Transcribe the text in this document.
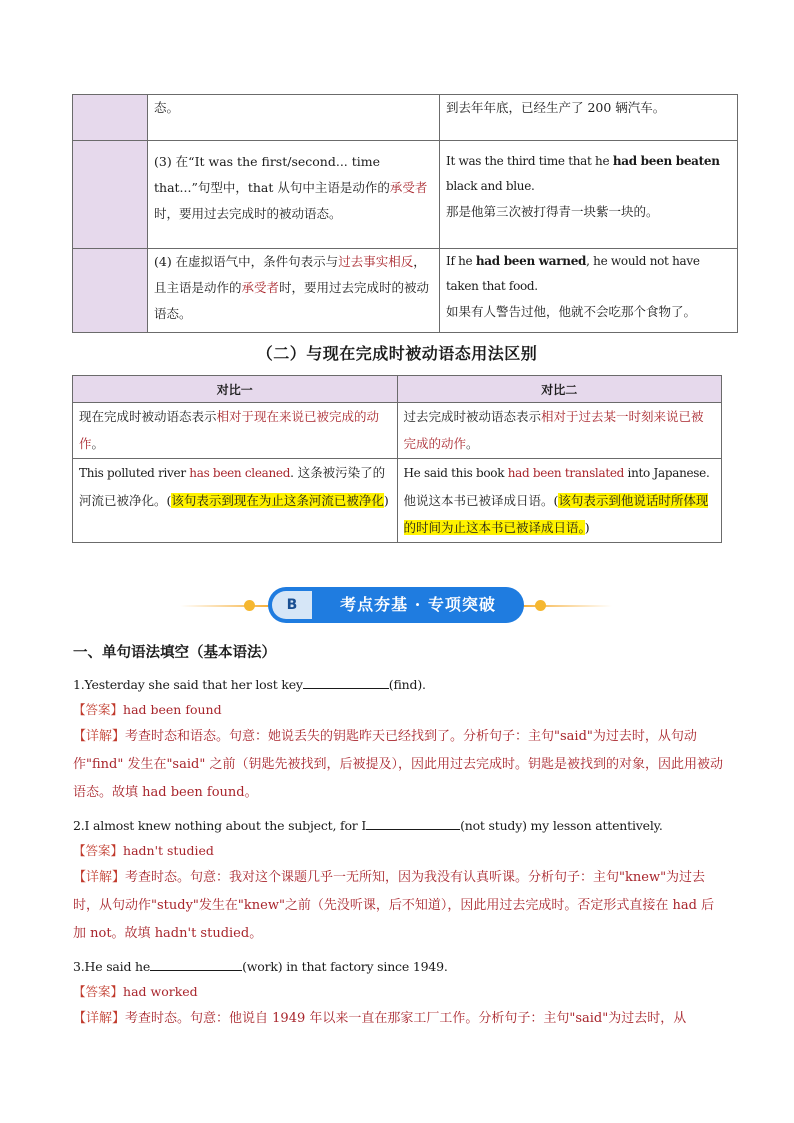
	态。	到去年年底，已经生产了 200 辆汽车。
	(3) 在“It was the first/second... time that...”句型中，that 从句中主语是动作的承受者时，要用过去完成时的被动语态。	It was the third time that he had been beaten black and blue.
那是他第三次被打得青一块紫一块的。

	(4) 在虚拟语气中，条件句表示与过去事实相反，且主语是动作的承受者时，要用过去完成时的被动语态。	If he had been warned, he would not have taken that food.
如果有人警告过他，他就不会吃那个食物了。
（二）与现在完成时被动语态用法区别
对比一	对比二
现在完成时被动语态表示相对于现在来说已被完成的动作。	过去完成时被动语态表示相对于过去某一时刻来说已被完成的动作。
This polluted river has been cleaned. 这条被污染了的河流已被净化。(该句表示到现在为止这条河流已被净化)	He said this book had been translated into Japanese. 他说这本书已被译成日语。(该句表示到他说话时所体现的时间为止这本书已被译成日语。)
B	考点夯基 · 专项突破
一、单句语法填空（基本语法）
1.Yesterday she said that her lost key	(find).
【答案】had been found
【详解】考查时态和语态。句意：她说丢失的钥匙昨天已经找到了。分析句子：主句"said"为过去时，从句动作"find" 发生在"said" 之前（钥匙先被找到，后被提及），因此用过去完成时。钥匙是被找到的对象，因此用被动语态。故填 had been found。
2.I almost knew nothing about the subject, for I	(not study) my lesson attentively.
【答案】hadn't studied
【详解】考查时态。句意：我对这个课题几乎一无所知，因为我没有认真听课。分析句子：主句"knew"为过去时，从句动作"study"发生在"knew"之前（先没听课，后不知道），因此用过去完成时。否定形式直接在 had 后加 not。故填 hadn't studied。
3.He said he	(work) in that factory since 1949.
【答案】had worked
【详解】考查时态。句意：他说自 1949 年以来一直在那家工厂工作。分析句子：主句"said"为过去时，从
